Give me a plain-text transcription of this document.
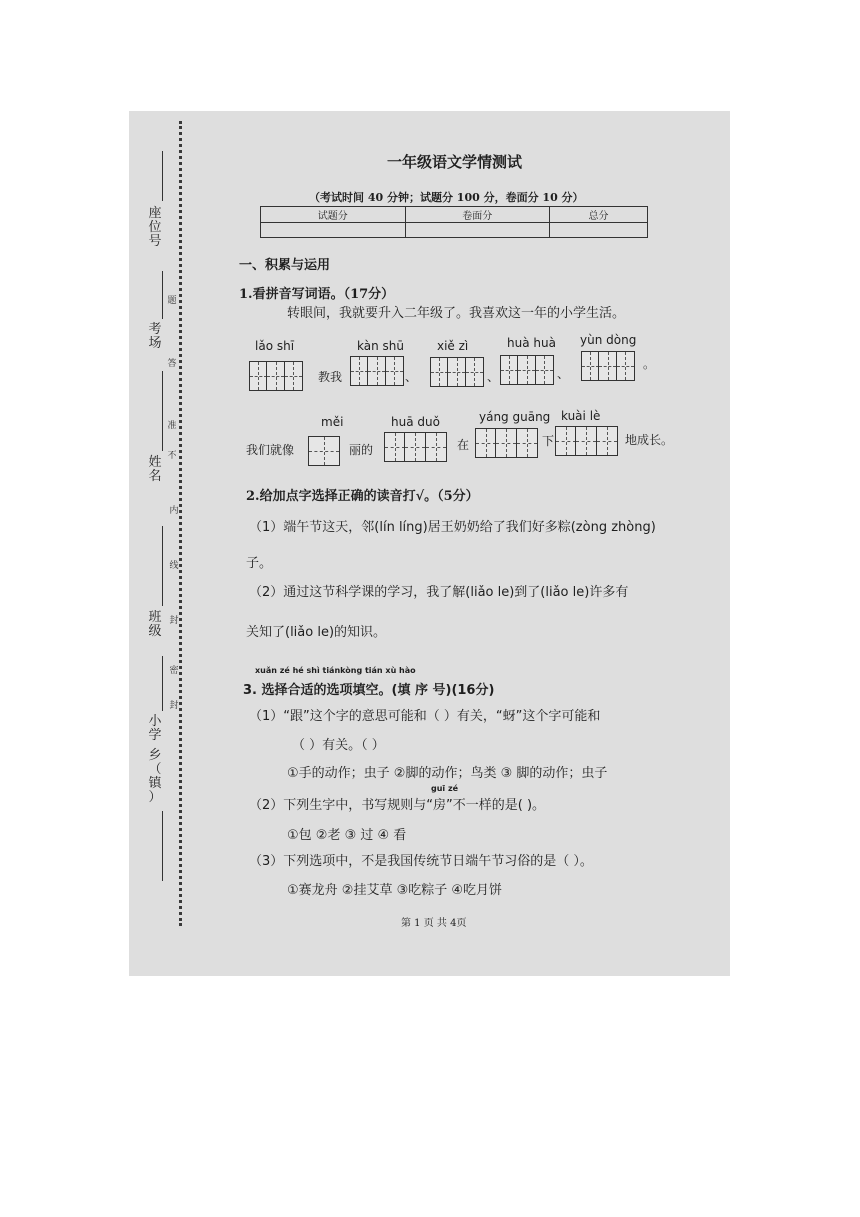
座
位
号
考
场
姓
名
班
级
小
学
乡
（
镇
）
题
答
准
不
内
线
封
密
封
一年级语文学情测试
（考试时间 40 分钟；试题分 100 分，卷面分 10 分）
试题分	卷面分	总分

一、积累与运用
1.看拼音写词语。（17分）
转眼间，我就要升入二年级了。我喜欢这一年的小学生活。
lǎo shī	kàn shū	xiě zì	huà huà yùn dòng
教我	、	、	、
。
měi	huā duǒ	yáng guāng kuài lè
我们就像	丽的	在	下	地成长。
2.给加点字选择正确的读音打√。（5分）
（1）端午节这天，邻(lín líng)居王奶奶给了我们好多粽(zòng zhòng)
子。
（2）通过这节科学课的学习，我了解(liǎo le)到了(liǎo le)许多有
关知了(liǎo le)的知识。
xuǎn zé hé shì tiánkòng tián xù hào
3. 选择合适的选项填空。(填 序 号)(16分)
（1）“跟”这个字的意思可能和（ ）有关，“蚜”这个字可能和
（ ）有关。（ ）
①手的动作；虫子 ②脚的动作；鸟类 ③ 脚的动作；虫子
guī zé
（2）下列生字中，书写规则与“房”不一样的是( )。
①包 ②老 ③ 过 ④ 看
（3）下列选项中，不是我国传统节日端午节习俗的是（ ）。
①赛龙舟 ②挂艾草 ③吃粽子 ④吃月饼
第 1 页 共 4页
